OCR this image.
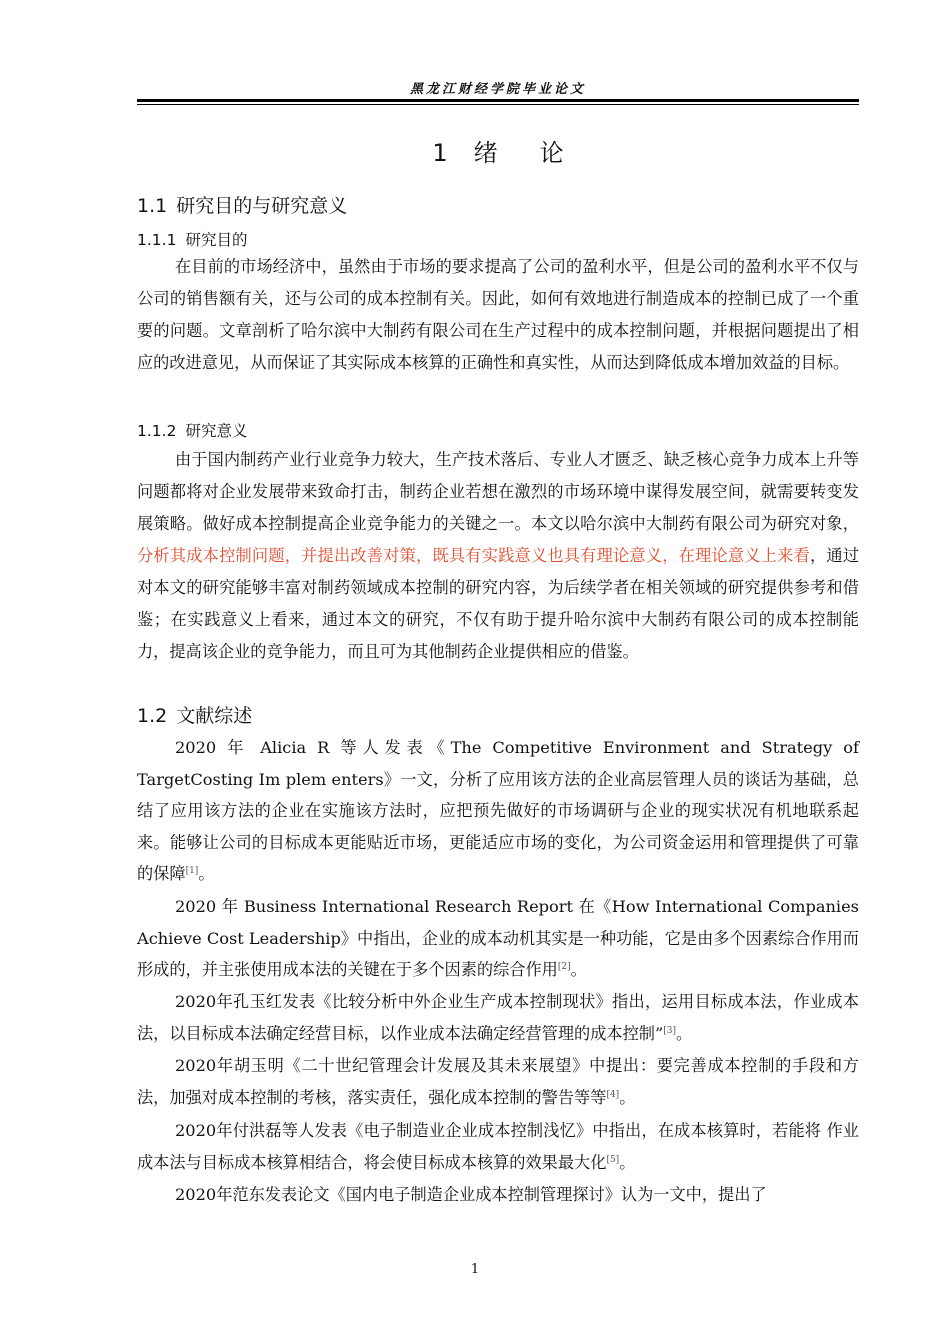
黑龙江财经学院毕业论文
1 绪 论
1.1 研究目的与研究意义
1.1.1 研究目的

在目前的市场经济中，虽然由于市场的要求提高了公司的盈利水平，但是公司的盈利水平不仅与公司的销售额有关，还与公司的成本控制有关。因此，如何有效地进行制造成本的控制已成了一个重要的问题。文章剖析了哈尔滨中大制药有限公司在生产过程中的成本控制问题，并根据问题提出了相应的改进意见，从而保证了其实际成本核算的正确性和真实性，从而达到降低成本增加效益的目标。

1.1.2 研究意义

由于国内制药产业行业竞争力较大，生产技术落后、专业人才匮乏、缺乏核心竞争力成本上升等问题都将对企业发展带来致命打击，制药企业若想在激烈的市场环境中谋得发展空间，就需要转变发展策略。做好成本控制提高企业竞争能力的关键之一。本文以哈尔滨中大制药有限公司为研究对象，分析其成本控制问题，并提出改善对策，既具有实践意义也具有理论意义，在理论意义上来看，通过对本文的研究能够丰富对制药领域成本控制的研究内容，为后续学者在相关领域的研究提供参考和借鉴；在实践意义上看来，通过本文的研究，不仅有助于提升哈尔滨中大制药有限公司的成本控制能力，提高该企业的竞争能力，而且可为其他制药企业提供相应的借鉴。

1.2 文献综述

2020 年 Alicia R 等人发表《The Competitive Environment and Strategy of TargetCosting Im plem enters》一文，分析了应用该方法的企业高层管理人员的谈话为基础，总结了应用该方法的企业在实施该方法时，应把预先做好的市场调研与企业的现实状况有机地联系起来。能够让公司的目标成本更能贴近市场，更能适应市场的变化，为公司资金运用和管理提供了可靠的保障[1]。

2020 年 Business International Research Report 在《How International Companies Achieve Cost Leadership》中指出，企业的成本动机其实是一种功能，它是由多个因素综合作用而形成的，并主张使用成本法的关键在于多个因素的综合作用[2]。

2020年孔玉红发表《比较分析中外企业生产成本控制现状》指出，运用目标成本法，作业成本法，以目标成本法确定经营目标，以作业成本法确定经营管理的成本控制”[3]。

2020年胡玉明《二十世纪管理会计发展及其未来展望》中提出：要完善成本控制的手段和方法，加强对成本控制的考核，落实责任，强化成本控制的警告等等[4]。

2020年付洪磊等人发表《电子制造业企业成本控制浅忆》中指出，在成本核算时，若能将 作业成本法与目标成本核算相结合，将会使目标成本核算的效果最大化[5]。

2020年范东发表论文《国内电子制造企业成本控制管理探讨》认为一文中，提出了

1
